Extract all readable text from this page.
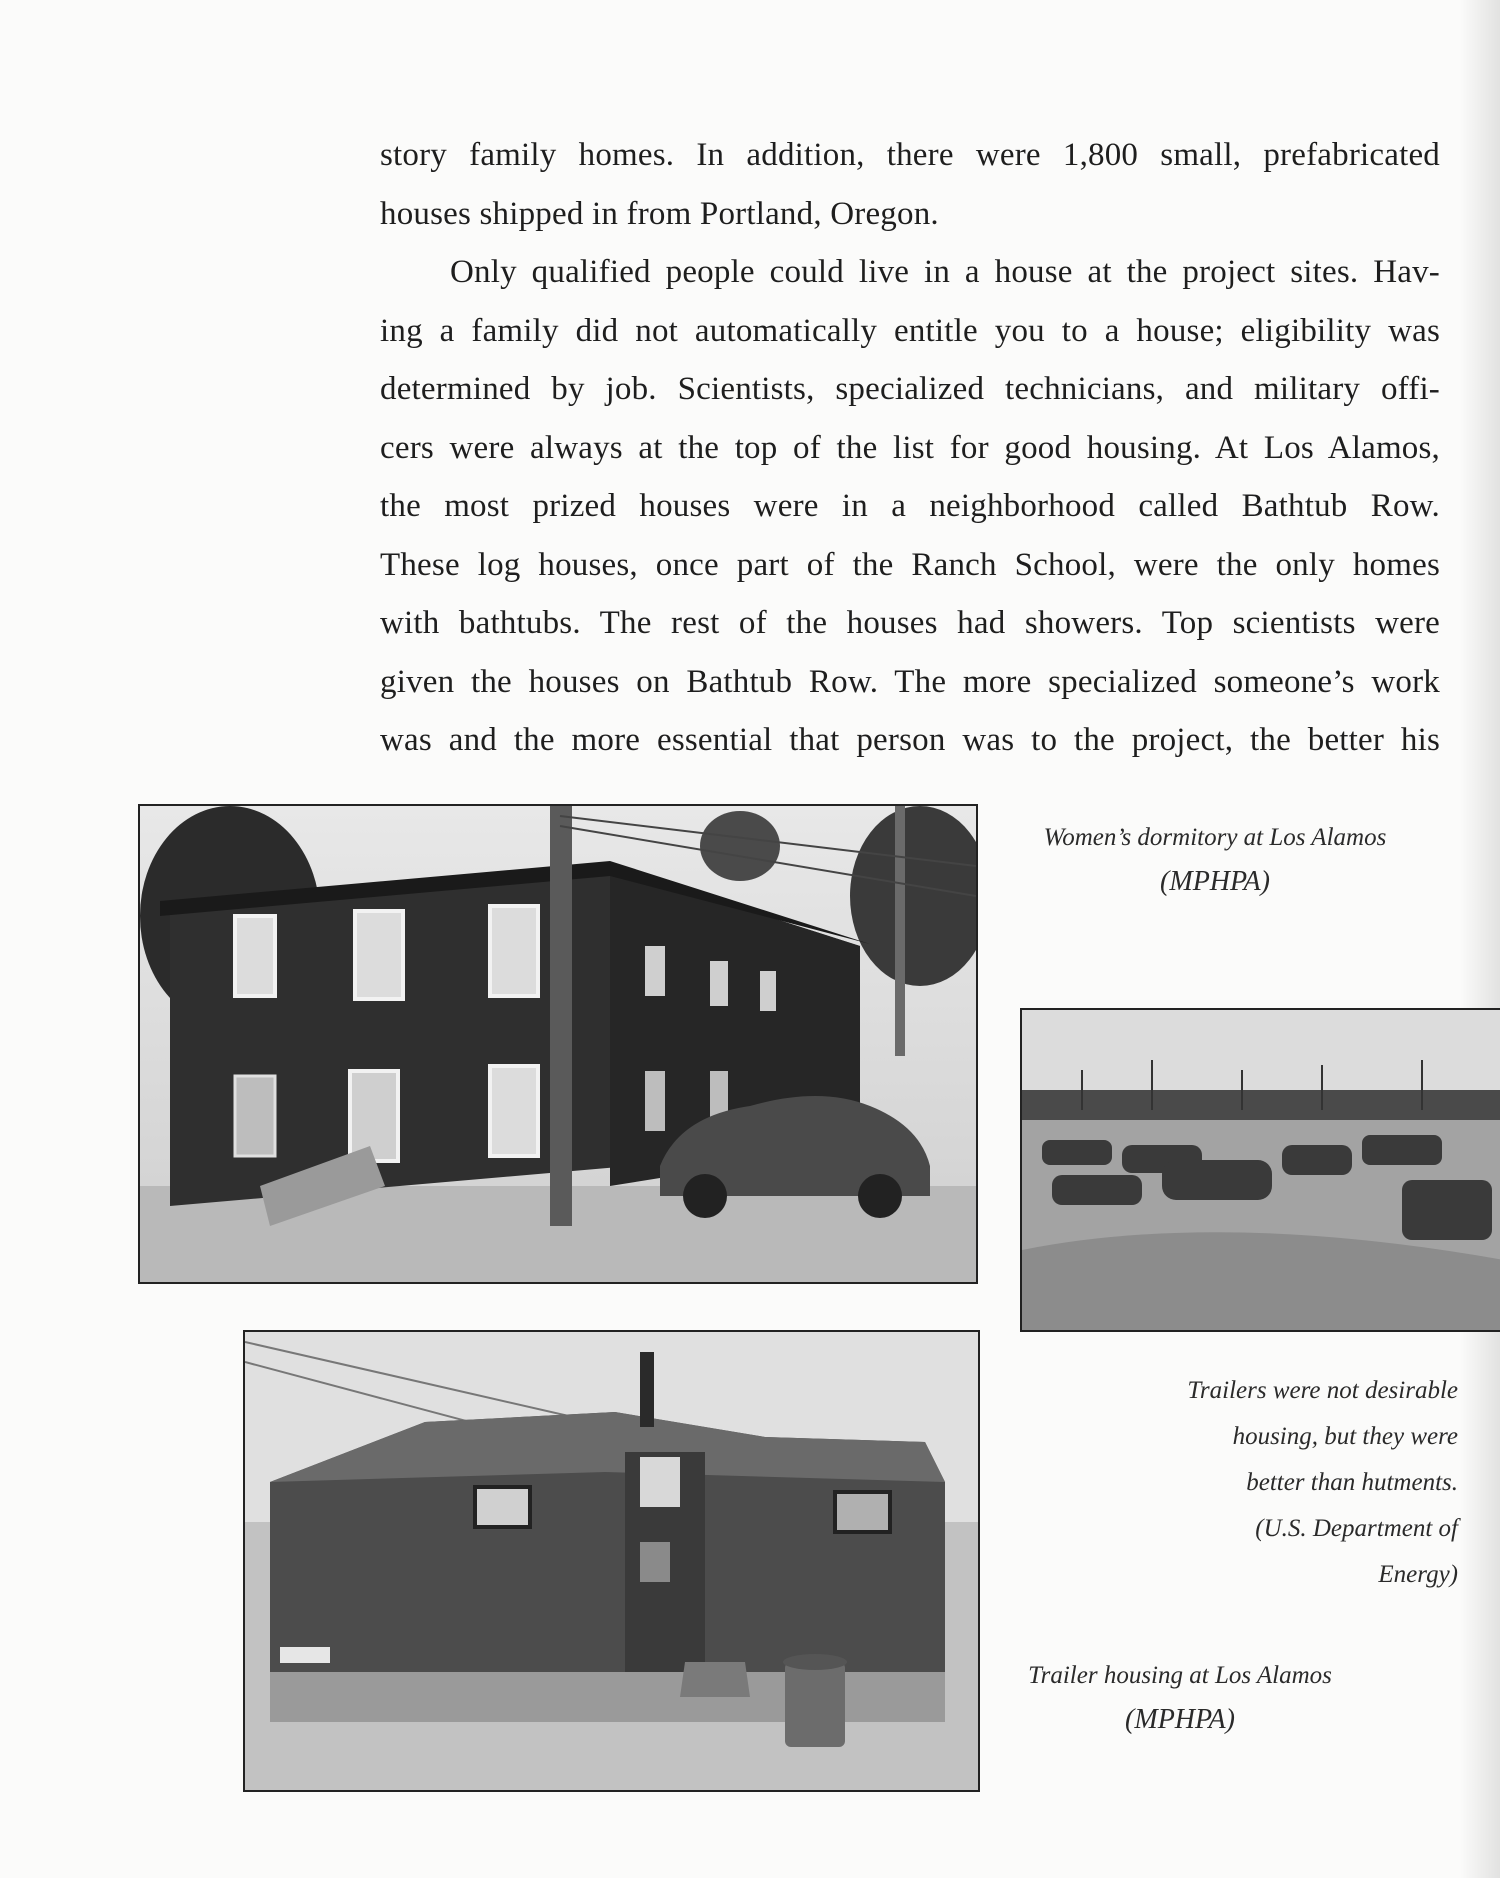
story family homes. In addition, there were 1,800 small, prefabricated
houses shipped in from Portland, Oregon.
Only qualified people could live in a house at the project sites. Hav-
ing a family did not automatically entitle you to a house; eligibility was
determined by job. Scientists, specialized technicians, and military offi-
cers were always at the top of the list for good housing. At Los Alamos,
the most prized houses were in a neighborhood called Bathtub Row.
These log houses, once part of the Ranch School, were the only homes
with bathtubs. The rest of the houses had showers. Top scientists were
given the houses on Bathtub Row. The more specialized someone’s work
was and the more essential that person was to the project, the better his
Women’s dormitory at Los Alamos
(MPHPA)
Trailers were not desirable
housing, but they were
better than hutments.
(U.S. Department of
Energy)
Trailer housing at Los Alamos
(MPHPA)
